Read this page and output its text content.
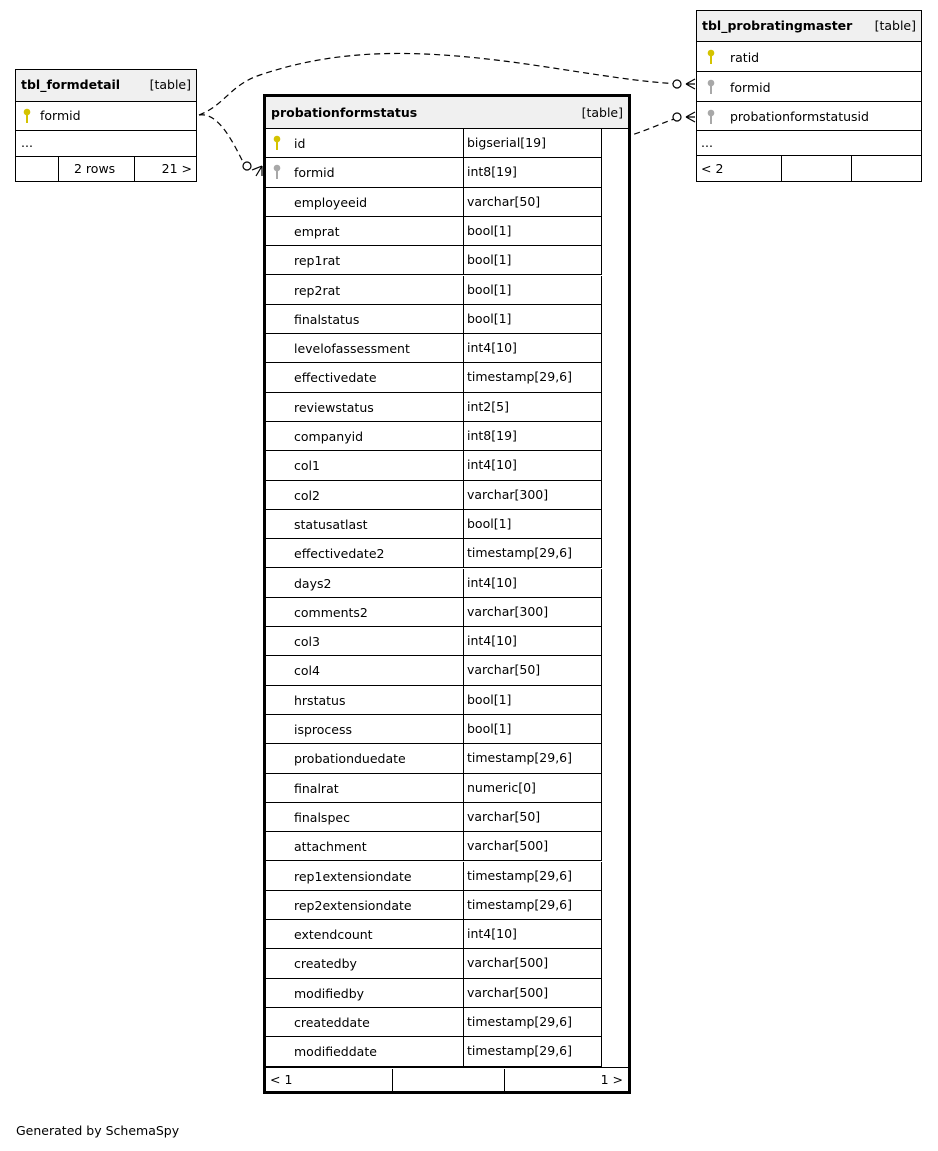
tbl_formdetail [table]
formid
...
2 rows	21 >
tbl_probratingmaster [table]
ratid
formid
probationformstatusid
...
< 2
probationformstatus	[table]
id	bigserial[19]
formid	int8[19]
employeeid	varchar[50]
emprat	bool[1]
rep1rat	bool[1]
rep2rat	bool[1]
finalstatus	bool[1]
levelofassessment	int4[10]
effectivedate	timestamp[29,6]
reviewstatus	int2[5]
companyid	int8[19]
col1	int4[10]
col2	varchar[300]
statusatlast	bool[1]
effectivedate2	timestamp[29,6]
days2	int4[10]
comments2	varchar[300]
col3	int4[10]
col4	varchar[50]
hrstatus	bool[1]
isprocess	bool[1]
probationduedate	timestamp[29,6]
finalrat	numeric[0]
finalspec	varchar[50]
attachment	varchar[500]
rep1extensiondate	timestamp[29,6]
rep2extensiondate	timestamp[29,6]
extendcount	int4[10]
createdby	varchar[500]
modifiedby	varchar[500]
createddate	timestamp[29,6]
modifieddate	timestamp[29,6]
< 1	1 >
Generated by SchemaSpy
